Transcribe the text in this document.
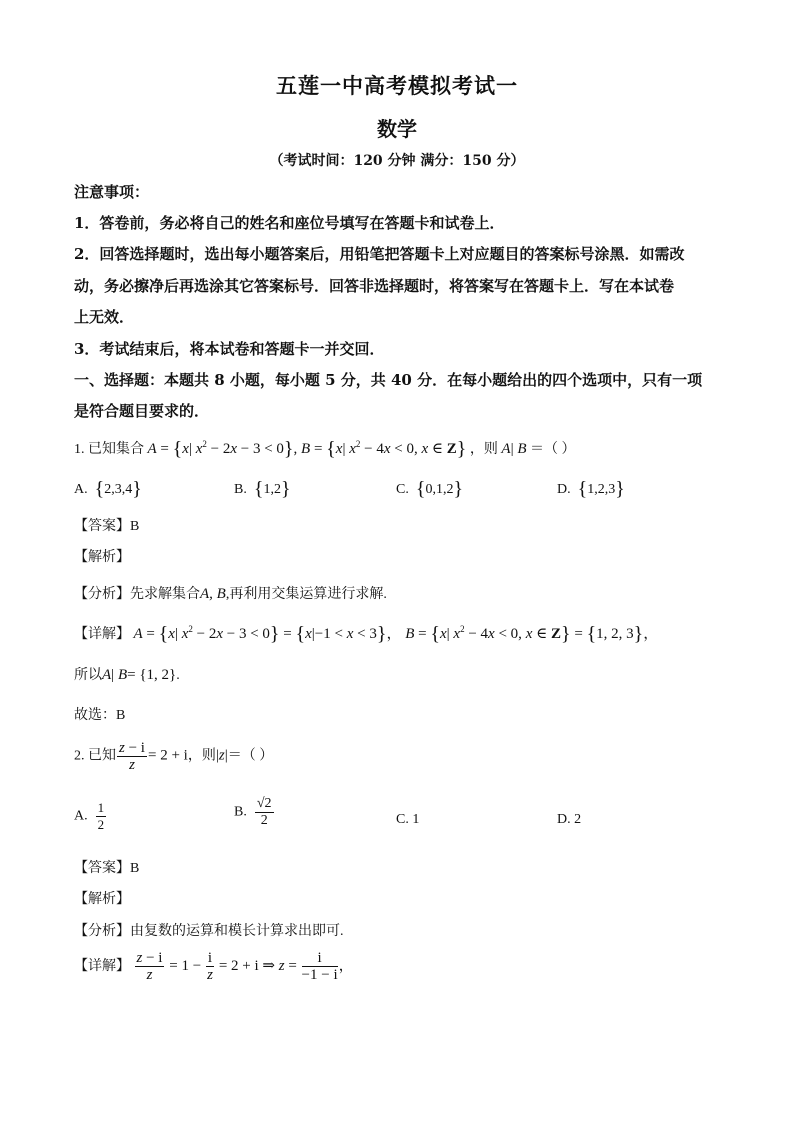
五莲一中高考模拟考试一
数学
（考试时间：120 分钟 满分：150 分）
注意事项：
1．答卷前，务必将自己的姓名和座位号填写在答题卡和试卷上．
2．回答选择题时，选出每小题答案后，用铅笔把答题卡上对应题目的答案标号涂黑．如需改
动，务必擦净后再选涂其它答案标号．回答非选择题时，将答案写在答题卡上．写在本试卷
上无效．
3．考试结束后，将本试卷和答题卡一并交回．
一、选择题：本题共 8 小题，每小题 5 分，共 40 分．在每小题给出的四个选项中，只有一项
是符合题目要求的．
1. 已知集合 A = {x| $x^2 - 2x - 3 < 0$}, B = {x| $x^2 - 4x < 0$, x ∈ Z} ，则 A| B ＝（ ）
A. {2,3,4}	B. {1,2}	C. {0,1,2}	D. {1,2,3}
【答案】B
【解析】
【分析】先求解集合A, B,再利用交集运算进行求解.
【详解】 A = {x| $x^2 - 2x - 3 < 0\} = \{x|-1 < x < 3\}$， B = {x| $x^2 - 4x < 0$, x ∈ Z} = {1, 2, 3}，
所以A| B= {1, 2}.
故选：B
2. 已知 $\frac{z - i}{z} = 2 + i$，则|z|＝（ ）
A. $\frac{1}{2}$	B. $\frac{√2}{2}$	C. 1	D. 2
【答案】B
【解析】
【分析】由复数的运算和模长计算求出即可.
【详解】 $\frac{z - i}{z} = 1 - \frac{i}{z} = 2 + i$ ⇒ $z = \frac{i}{-1 - i}$ ，
